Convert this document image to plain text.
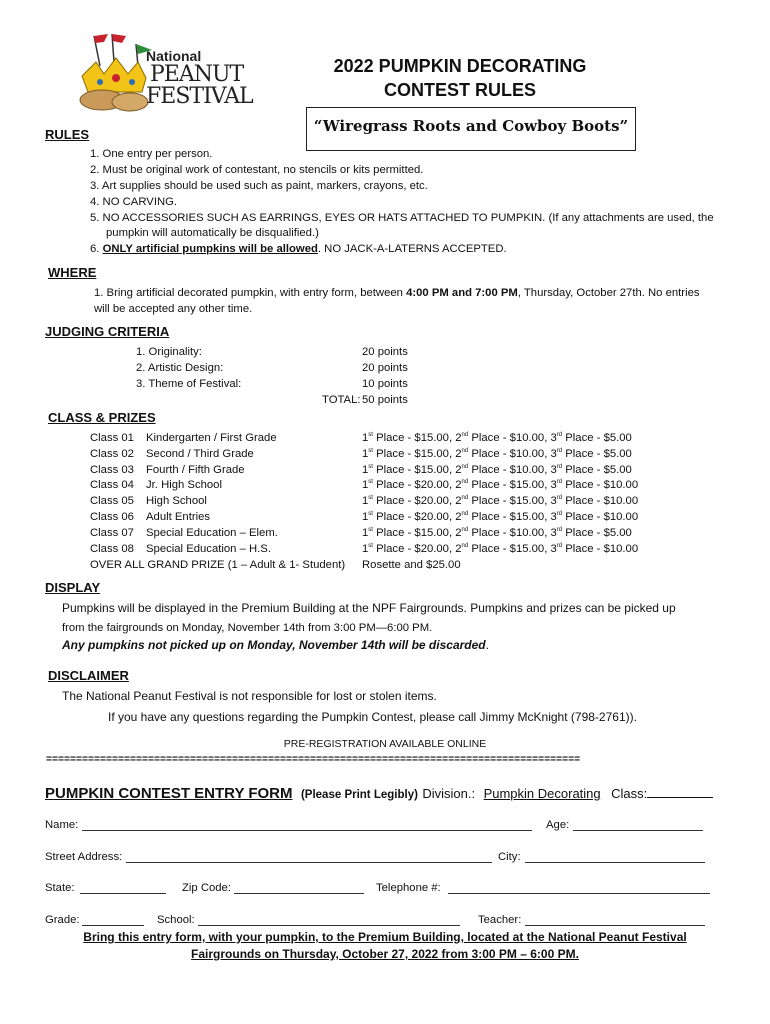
National
PEANUT
FESTIVAL
2022 PUMPKIN DECORATING
CONTEST RULES
“Wiregrass Roots and Cowboy Boots”
RULES
1. One entry per person.
2. Must be original work of contestant, no stencils or kits permitted.
3. Art supplies should be used such as paint, markers, crayons, etc.
4. NO CARVING.
5. NO ACCESSORIES SUCH AS EARRINGS, EYES OR HATS ATTACHED TO PUMPKIN. (If any attachments are used, the
pumpkin will automatically be disqualified.)
6. ONLY artificial pumpkins will be allowed. NO JACK-A-LATERNS ACCEPTED.
WHERE
1. Bring artificial decorated pumpkin, with entry form, between 4:00 PM and 7:00 PM, Thursday, October 27th. No entries
will be accepted any other time.
JUDGING CRITERIA
1. Originality:	20 points
2. Artistic Design:	20 points
3. Theme of Festival:	10 points
TOTAL: 50 points
CLASS & PRIZES
Class 01 Kindergarten / First Grade	1st Place - $15.00, 2nd Place - $10.00, 3rd Place - $5.00
Class 02 Second / Third Grade	1st Place - $15.00, 2nd Place - $10.00, 3rd Place - $5.00
Class 03 Fourth / Fifth Grade	1st Place - $15.00, 2nd Place - $10.00, 3rd Place - $5.00
Class 04 Jr. High School	1st Place - $20.00, 2nd Place - $15.00, 3rd Place - $10.00
Class 05 High School	1st Place - $20.00, 2nd Place - $15.00, 3rd Place - $10.00
Class 06 Adult Entries	1st Place - $20.00, 2nd Place - $15.00, 3rd Place - $10.00
Class 07 Special Education – Elem.	1st Place - $15.00, 2nd Place - $10.00, 3rd Place - $5.00
Class 08 Special Education – H.S.	1st Place - $20.00, 2nd Place - $15.00, 3rd Place - $10.00
OVER ALL GRAND PRIZE (1 – Adult & 1- Student) Rosette and $25.00
DISPLAY
Pumpkins will be displayed in the Premium Building at the NPF Fairgrounds. Pumpkins and prizes can be picked up
from the fairgrounds on Monday, November 14th from 3:00 PM—6:00 PM.
Any pumpkins not picked up on Monday, November 14th will be discarded.
DISCLAIMER
The National Peanut Festival is not responsible for lost or stolen items.
If you have any questions regarding the Pumpkin Contest, please call Jimmy McKnight (798-2761)).
PRE-REGISTRATION AVAILABLE ONLINE
=========================================================================================
PUMPKIN CONTEST ENTRY FORM (Please Print Legibly) Division.: Pumpkin Decorating Class:
Name:	Age:
Street Address:	City:
State:	Zip Code:	Telephone #:
Grade:	School:	Teacher:
Bring this entry form, with your pumpkin, to the Premium Building, located at the National Peanut Festival
Fairgrounds on Thursday, October 27, 2022 from 3:00 PM – 6:00 PM.
